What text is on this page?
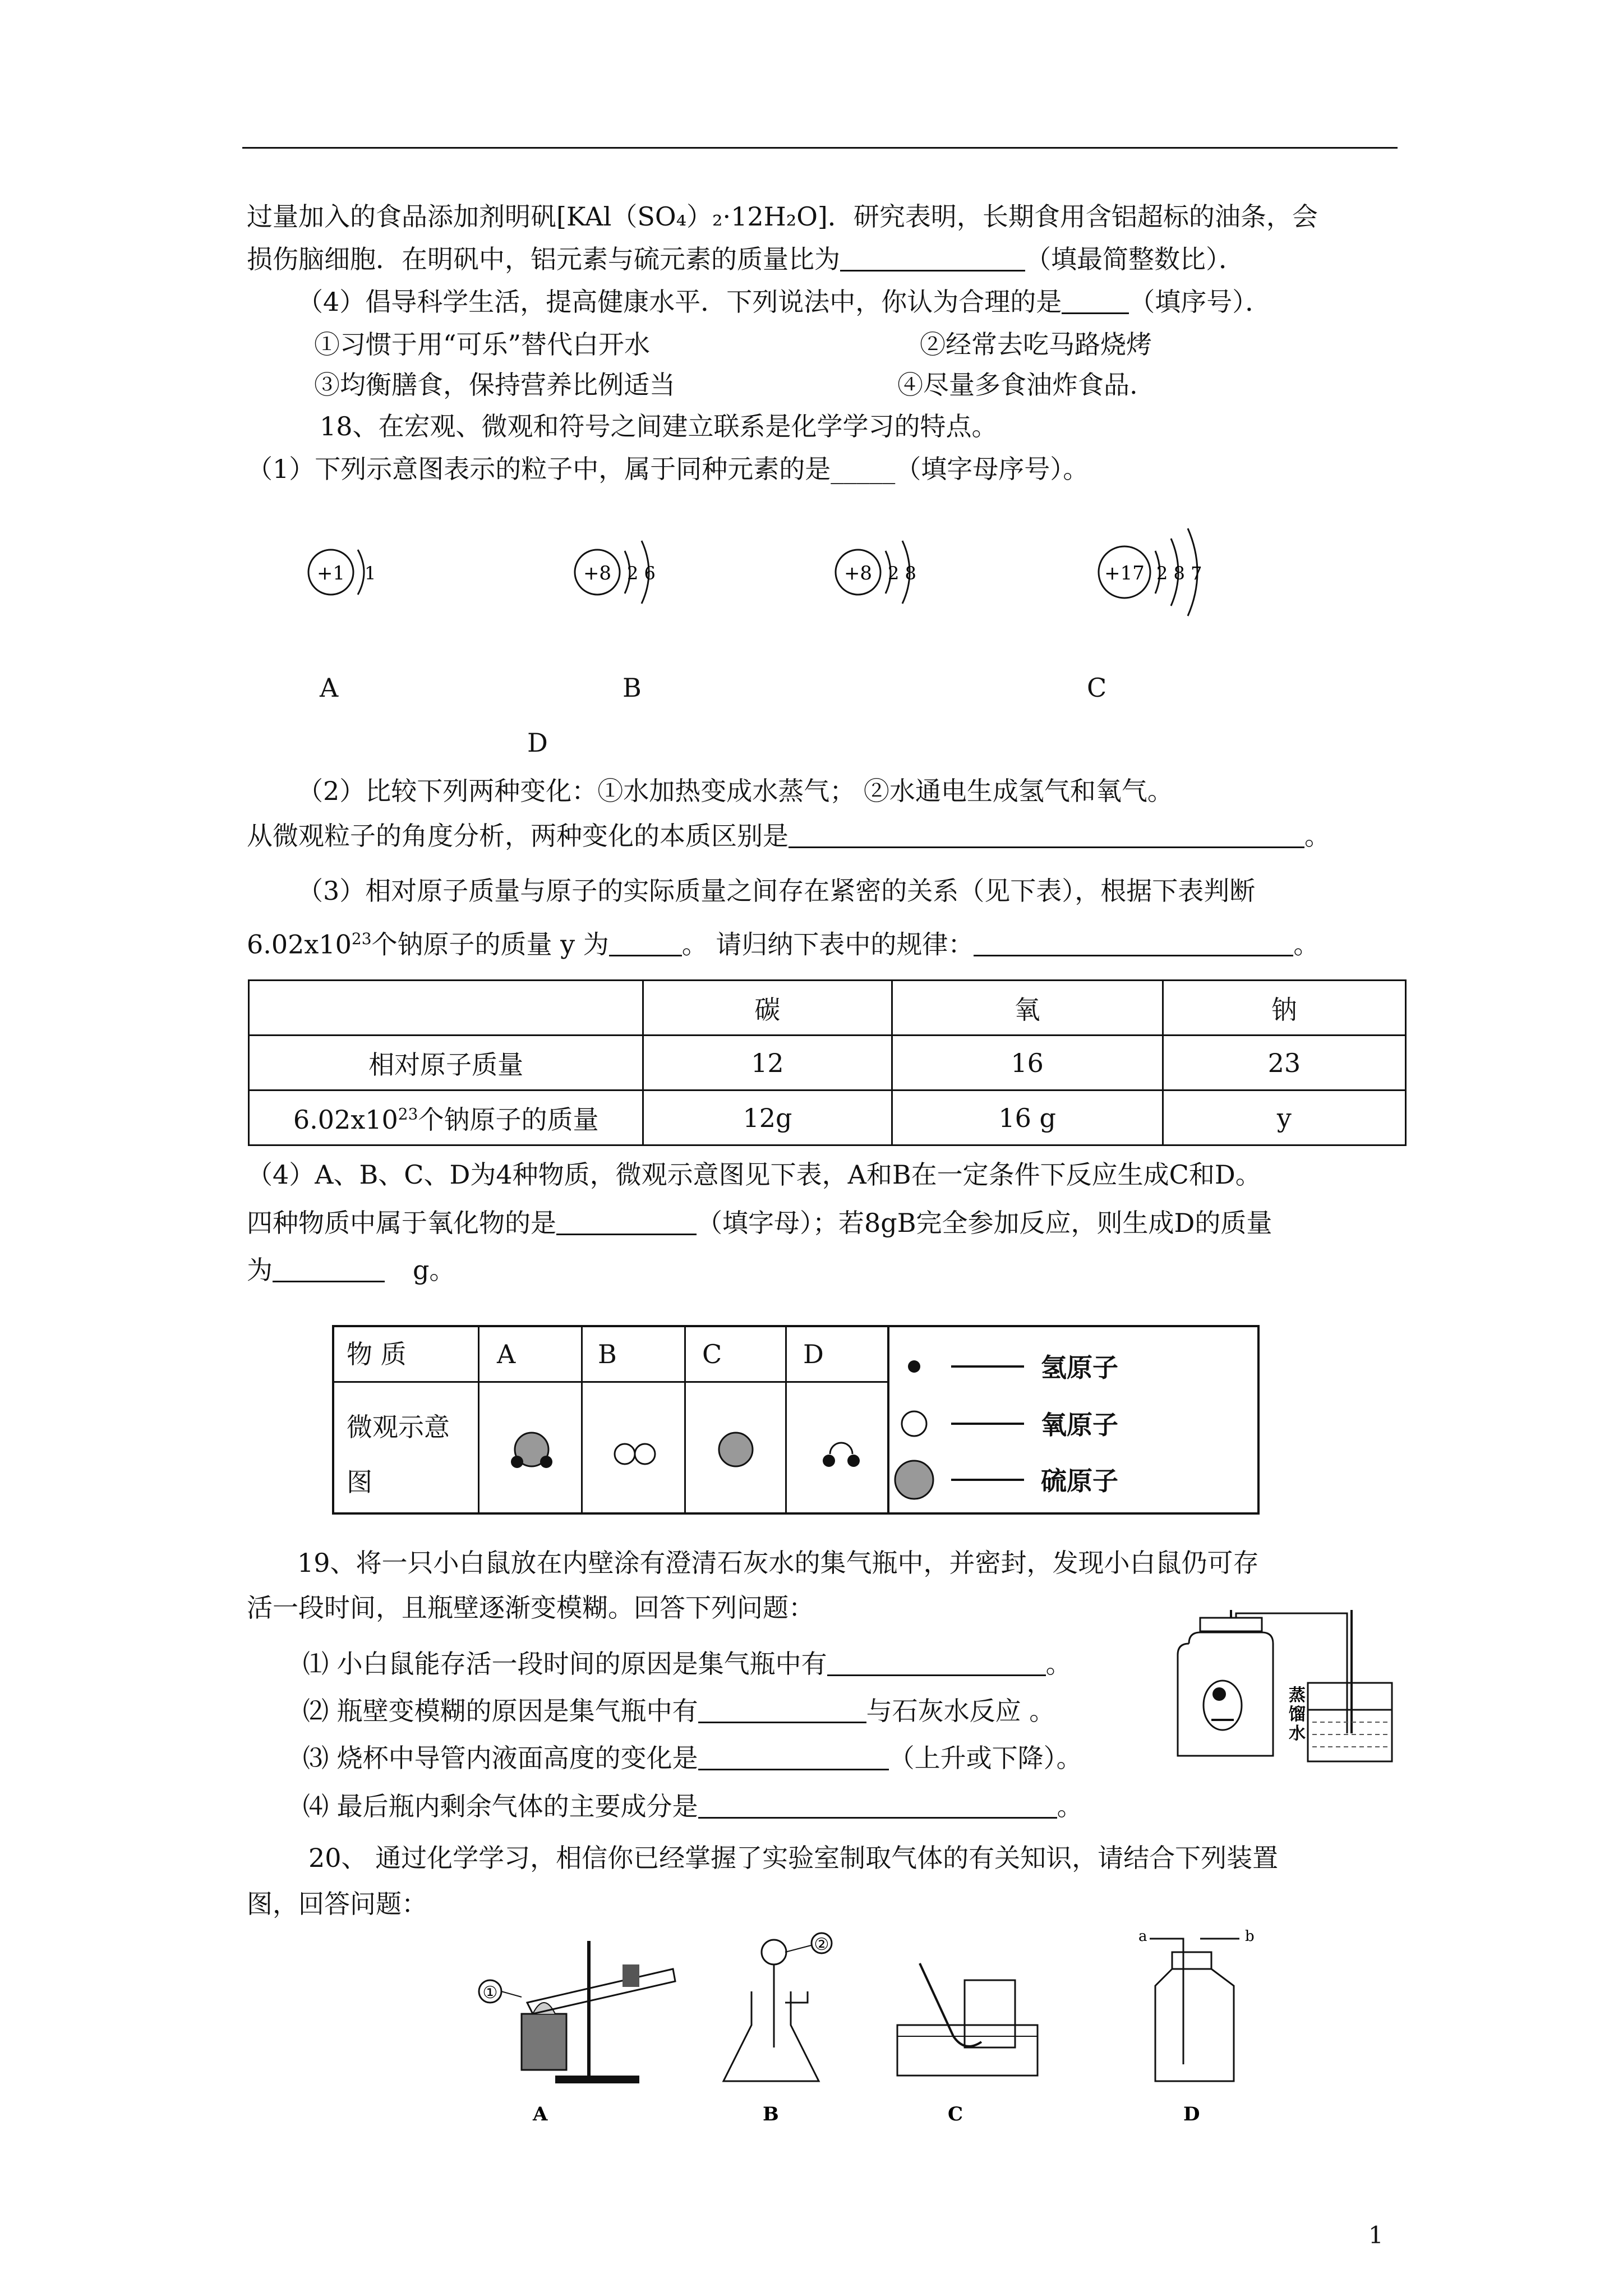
过量加入的食品添加剂明矾[KAl（SO₄）₂·12H₂O]．研究表明，长期食用含铝超标的油条，会
损伤脑细胞．在明矾中，铝元素与硫元素的质量比为	（填最简整数比）．
（4）倡导科学生活，提高健康水平．下列说法中，你认为合理的是	（填序号）．
①习惯于用“可乐”替代白开水	②经常去吃马路烧烤
③均衡膳食，保持营养比例适当	④尽量多食油炸食品.
18、在宏观、微观和符号之间建立联系是化学学习的特点。
（1）下列示意图表示的粒子中，属于同种元素的是_____（填字母序号）。
+1 1	+8 2 6	+8 2 8	+17 2 8 7
A	B	C
D
（2）比较下列两种变化：①水加热变成水蒸气； ②水通电生成氢气和氧气。
从微观粒子的角度分析，两种变化的本质区别是	。
（3）相对原子质量与原子的实际质量之间存在紧密的关系（见下表），根据下表判断
$6.02x10^{23}$个钠原子的质量 y 为	。 请归纳下表中的规律：	。
	碳	氧	钠
相对原子质量	12	16	23
$6.02x10^{23}$个钠原子的质量	12g	16 g	y
（4）A、B、C、D为4种物质，微观示意图见下表，A和B在一定条件下反应生成C和D。
四种物质中属于氧化物的是	（填字母）；若8gB完全参加反应，则生成D的质量
为	g。
物 质	A	B	C	D
微观示意
图
氢原子
氧原子
硫原子
19、将一只小白鼠放在内壁涂有澄清石灰水的集气瓶中，并密封，发现小白鼠仍可存
活一段时间，且瓶壁逐渐变模糊。回答下列问题：
⑴ 小白鼠能存活一段时间的原因是集气瓶中有	。
⑵ 瓶壁变模糊的原因是集气瓶中有	与石灰水反应 。
⑶ 烧杯中导管内液面高度的变化是	（上升或下降）。
⑷ 最后瓶内剩余气体的主要成分是	。
蒸
馏
水
20、 通过化学学习，相信你已经掌握了实验室制取气体的有关知识，请结合下列装置
图，回答问题：
①
A
②
B	C
a	b
D
1
